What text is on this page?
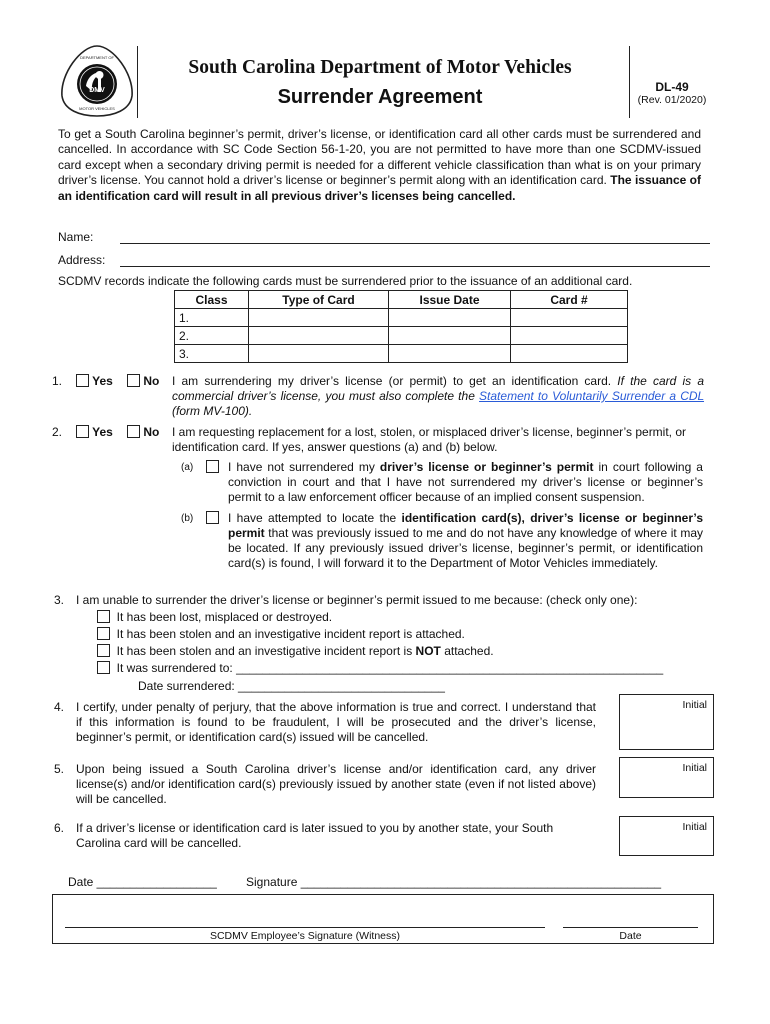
DMV
DEPARTMENT OF
MOTOR VEHICLES
South Carolina Department of Motor Vehicles
Surrender Agreement	DL-49
(Rev. 01/2020)
To get a South Carolina beginner’s permit, driver’s license, or identification card all other cards must be surrendered and cancelled. In accordance with SC Code Section 56-1-20, you are not permitted to have more than one SCDMV-issued card except when a secondary driving permit is needed for a different vehicle classification than what is on your primary driver’s license. You cannot hold a driver’s license or beginner’s permit along with an identification card. The issuance of an identification card will result in all previous driver’s licenses being cancelled.
Name:
Address:
SCDMV records indicate the following cards must be surrendered prior to the issuance of an additional card.
Class	Type of Card	Issue Date	Card #
1.			
2.			
3.			
1.	Yes	No I am surrendering my driver’s license (or permit) to get an identification card. If the card is a commercial driver’s license, you must also complete the Statement to Voluntarily Surrender a CDL (form MV-100).
2.	Yes	No I am requesting replacement for a lost, stolen, or misplaced driver’s license, beginner’s permit, or identification card. If yes, answer questions (a) and (b) below.
(a)	I have not surrendered my driver’s license or beginner’s permit in court following a conviction in court and that I have not surrendered my driver’s license or beginner’s permit to a law enforcement officer because of an implied consent suspension.
(b)	I have attempted to locate the identification card(s), driver’s license or beginner’s permit that was previously issued to me and do not have any knowledge of where it may be located. If any previously issued driver’s license, beginner’s permit, or identification card(s) is found, I will forward it to the Department of Motor Vehicles immediately.
3. I am unable to surrender the driver’s license or beginner’s permit issued to me because: (check only one):
It has been lost, misplaced or destroyed.
It has been stolen and an investigative incident report is attached.
It has been stolen and an investigative incident report is NOT attached.
It was surrendered to: ________________________________________________________________
Date surrendered: _______________________________
4. I certify, under penalty of perjury, that the above information is true and correct. I understand that if this information is found to be fraudulent, I will be prosecuted and the driver’s license, beginner’s permit, or identification card(s) issued will be cancelled.
Initial
5. Upon being issued a South Carolina driver’s license and/or identification card, any driver license(s) and/or identification card(s) previously issued by another state (even if not listed above) will be cancelled.
Initial
6. If a driver’s license or identification card is later issued to you by another state, your South Carolina card will be cancelled.
Initial
Date __________________ Signature ______________________________________________________
SCDMV Employee’s Signature (Witness)	Date
